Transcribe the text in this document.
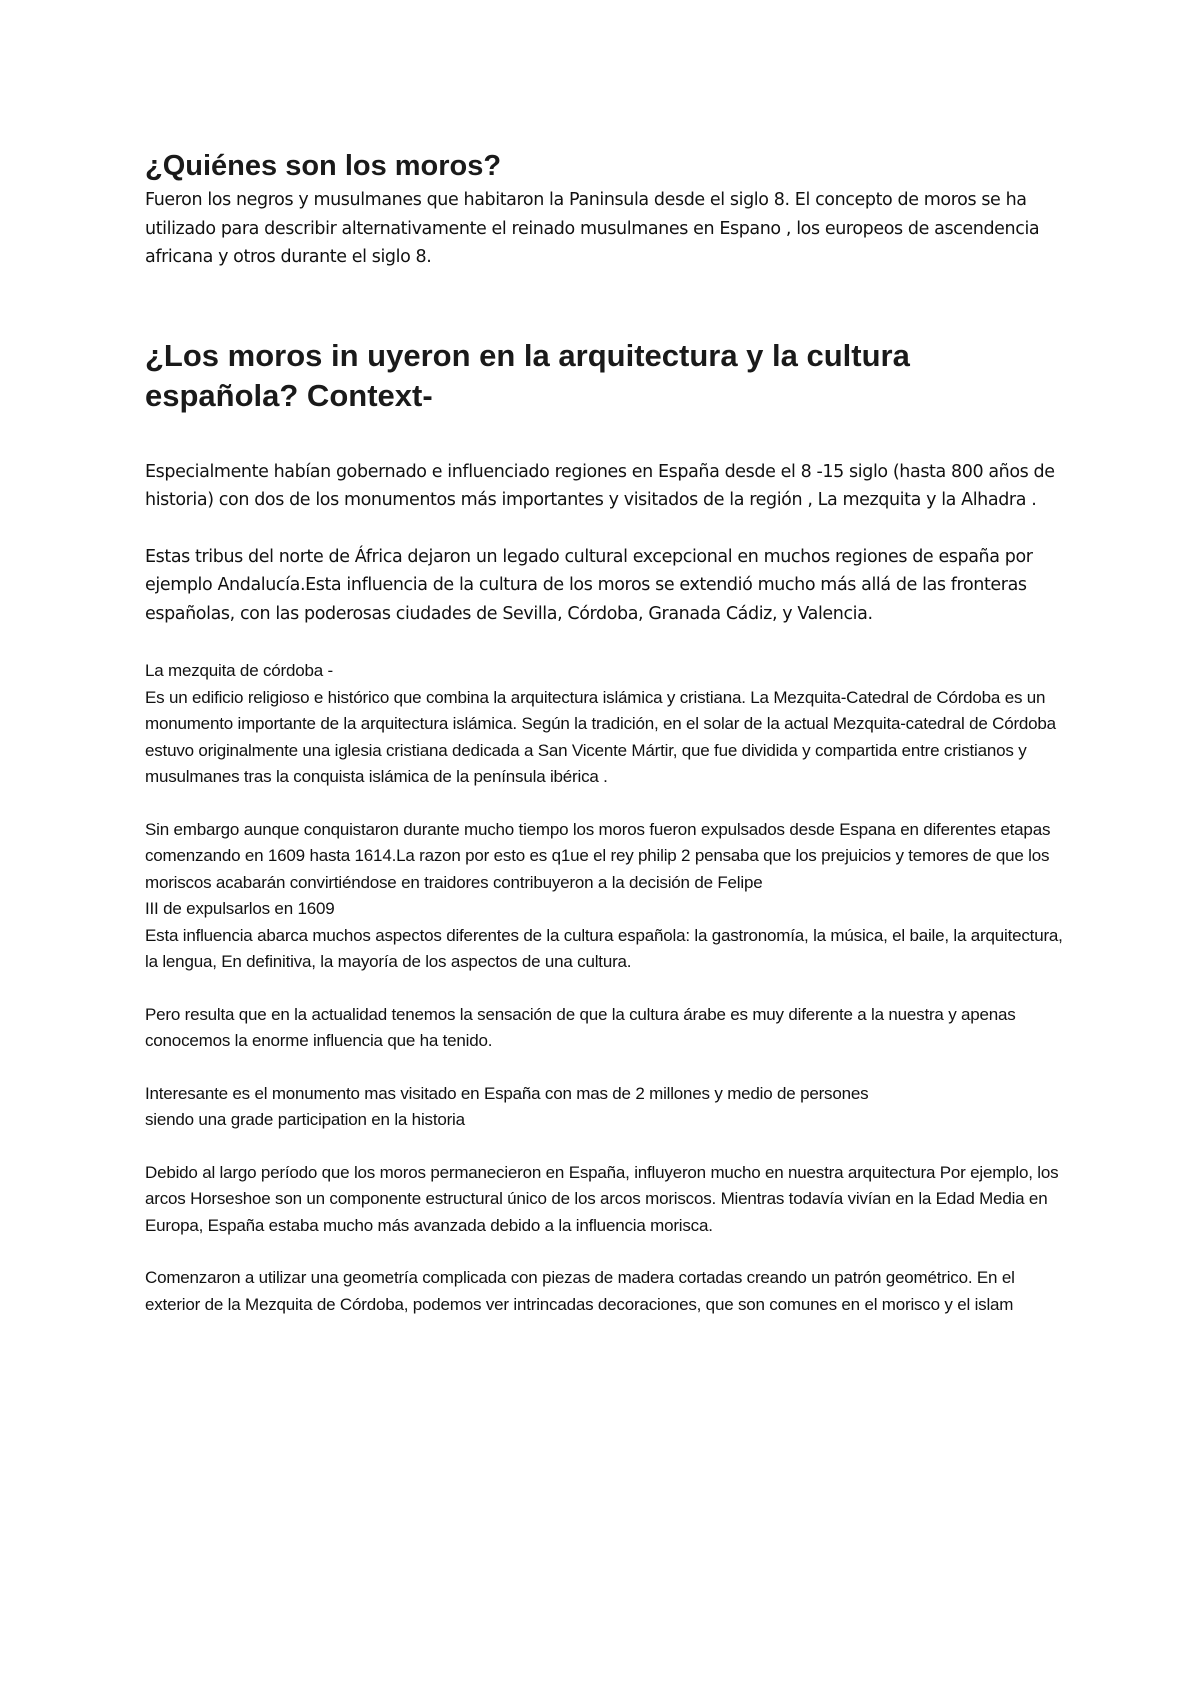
¿Quiénes son los moros?

Fueron los negros y musulmanes que habitaron la Paninsula desde el siglo 8. El concepto de moros se ha utilizado para describir alternativamente el reinado musulmanes en Espano , los europeos de ascendencia africana y otros durante el siglo 8.

¿Los moros in uyeron en la arquitectura y la cultura española? Context-

Especialmente habían gobernado e influenciado regiones en España desde el 8 -15 siglo (hasta 800 años de historia) con dos de los monumentos más importantes y visitados de la región , La mezquita y la Alhadra .

Estas tribus del norte de África dejaron un legado cultural excepcional en muchos regiones de españa por ejemplo Andalucía.Esta influencia de la cultura de los moros se extendió mucho más allá de las fronteras españolas, con las poderosas ciudades de Sevilla, Córdoba, Granada Cádiz, y Valencia.

La mezquita de córdoba -

Es un edificio religioso e histórico que combina la arquitectura islámica y cristiana. La Mezquita-Catedral de Córdoba es un monumento importante de la arquitectura islámica. Según la tradición, en el solar de la actual Mezquita-catedral de Córdoba estuvo originalmente una iglesia cristiana dedicada a San Vicente Mártir, que fue dividida y compartida entre cristianos y musulmanes tras la conquista islámica de la península ibérica .

Sin embargo aunque conquistaron durante mucho tiempo los moros fueron expulsados desde Espana en diferentes etapas comenzando en 1609 hasta 1614.La razon por esto es q1ue el rey philip 2 pensaba que los prejuicios y temores de que los moriscos acabarán convirtiéndose en traidores contribuyeron a la decisión de Felipe

III de expulsarlos en 1609

Esta influencia abarca muchos aspectos diferentes de la cultura española: la gastronomía, la música, el baile, la arquitectura, la lengua, En definitiva, la mayoría de los aspectos de una cultura.

Pero resulta que en la actualidad tenemos la sensación de que la cultura árabe es muy diferente a la nuestra y apenas conocemos la enorme influencia que ha tenido.

Interesante es el monumento mas visitado en España con mas de 2 millones y medio de persones

siendo una grade participation en la historia

Debido al largo período que los moros permanecieron en España, influyeron mucho en nuestra arquitectura Por ejemplo, los arcos Horseshoe son un componente estructural único de los arcos moriscos. Mientras todavía vivían en la Edad Media en Europa, España estaba mucho más avanzada debido a la influencia morisca.

Comenzaron a utilizar una geometría complicada con piezas de madera cortadas creando un patrón geométrico. En el exterior de la Mezquita de Córdoba, podemos ver intrincadas decoraciones, que son comunes en el morisco y el islam
